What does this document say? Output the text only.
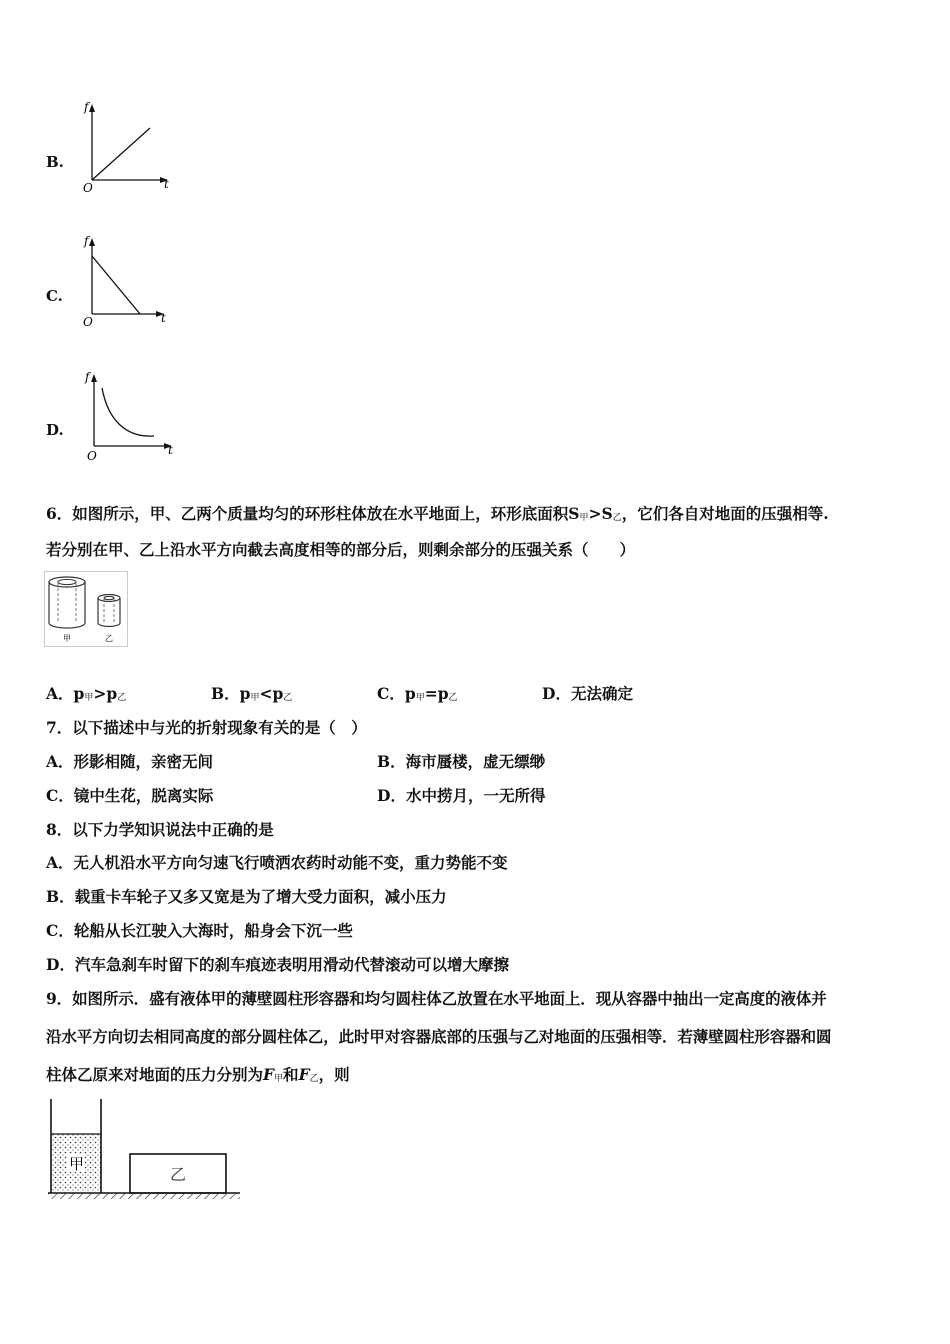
B.
f
t
O
C.
f
t
O
D.
f
t
O
6．如图所示，甲、乙两个质量均匀的环形柱体放在水平地面上，环形底面积S甲>S乙，它们各自对地面的压强相等.
若分别在甲、乙上沿水平方向截去高度相等的部分后，则剩余部分的压强关系（　　）
甲	乙
A．p甲>p乙	B．p甲<p乙	C．p甲=p乙	D．无法确定
7．以下描述中与光的折射现象有关的是（　）
A．形影相随，亲密无间	B．海市蜃楼，虚无缥缈
C．镜中生花，脱离实际	D．水中捞月，一无所得
8．以下力学知识说法中正确的是
A．无人机沿水平方向匀速飞行喷洒农药时动能不变，重力势能不变
B．载重卡车轮子又多又宽是为了增大受力面积，减小压力
C．轮船从长江驶入大海时，船身会下沉一些
D．汽车急刹车时留下的刹车痕迹表明用滑动代替滚动可以增大摩擦
9．如图所示．盛有液体甲的薄壁圆柱形容器和均匀圆柱体乙放置在水平地面上．现从容器中抽出一定高度的液体并
沿水平方向切去相同高度的部分圆柱体乙，此时甲对容器底部的压强与乙对地面的压强相等．若薄壁圆柱形容器和圆
柱体乙原来对地面的压力分别为F甲和F乙，则
甲
乙
